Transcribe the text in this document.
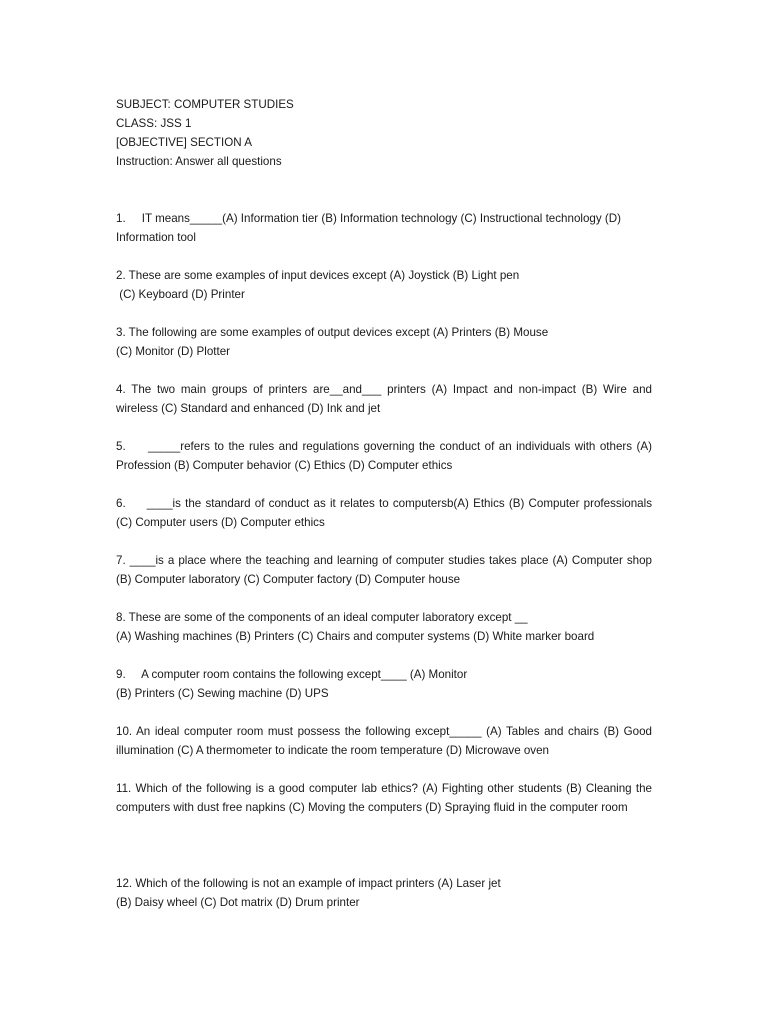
SUBJECT: COMPUTER STUDIES

CLASS: JSS 1

[OBJECTIVE] SECTION A

Instruction: Answer all questions

1.     IT means_____(A) Information tier (B) Information technology (C) Instructional technology (D)
Information tool
2. These are some examples of input devices except (A) Joystick (B) Light pen
(C) Keyboard (D) Printer
3. The following are some examples of output devices except (A) Printers (B) Mouse
(C) Monitor (D) Plotter

4. The two main groups of printers are__and___ printers (A) Impact and non-impact (B) Wire and wireless (C) Standard and enhanced (D) Ink and jet

5.     _____refers to the rules and regulations governing the conduct of an individuals with others (A) Profession (B) Computer behavior (C) Ethics (D) Computer ethics

6.     ____is the standard of conduct as it relates to computersb(A) Ethics (B) Computer professionals (C) Computer users (D) Computer ethics

7. ____is a place where the teaching and learning of computer studies takes place (A) Computer shop (B) Computer laboratory (C) Computer factory (D) Computer house

8. These are some of the components of an ideal computer laboratory except __
(A) Washing machines (B) Printers (C) Chairs and computer systems (D) White marker board
9.     A computer room contains the following except____ (A) Monitor
(B) Printers (C) Sewing machine (D) UPS

10. An ideal computer room must possess the following except_____ (A) Tables and chairs (B) Good illumination (C) A thermometer to indicate the room temperature (D) Microwave oven

11. Which of the following is a good computer lab ethics? (A) Fighting other students (B) Cleaning the computers with dust free napkins (C) Moving the computers (D) Spraying fluid in the computer room

12. Which of the following is not an example of impact printers (A) Laser jet
(B) Daisy wheel (C) Dot matrix (D) Drum printer
